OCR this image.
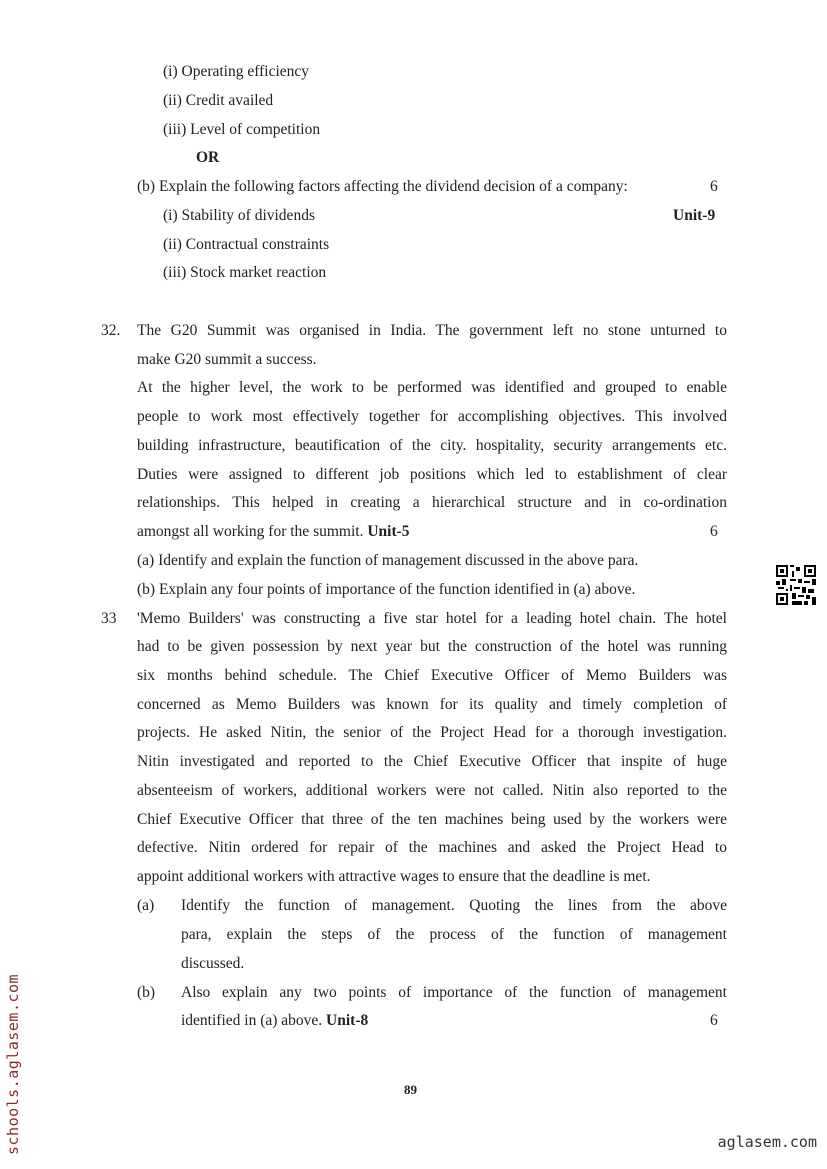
(i) Operating efficiency
(ii) Credit availed
(iii) Level of competition
OR
(b) Explain the following factors affecting the dividend decision of a company:	6
(i) Stability of dividends	Unit-9
(ii) Contractual constraints
(iii) Stock market reaction
32. The G20 Summit was organised in India. The government left no stone unturned to
make G20 summit a success.
At the higher level, the work to be performed was identified and grouped to enable
people to work most effectively together for accomplishing objectives. This involved
building infrastructure, beautification of the city. hospitality, security arrangements etc.
Duties were assigned to different job positions which led to establishment of clear
relationships. This helped in creating a hierarchical structure and in co-ordination
amongst all working for the summit. Unit-5	6
(a) Identify and explain the function of management discussed in the above para.
(b) Explain any four points of importance of the function identified in (a) above.
33 'Memo Builders' was constructing a five star hotel for a leading hotel chain. The hotel
had to be given possession by next year but the construction of the hotel was running
six months behind schedule. The Chief Executive Officer of Memo Builders was
concerned as Memo Builders was known for its quality and timely completion of
projects. He asked Nitin, the senior of the Project Head for a thorough investigation.
Nitin investigated and reported to the Chief Executive Officer that inspite of huge
absenteeism of workers, additional workers were not called. Nitin also reported to the
Chief Executive Officer that three of the ten machines being used by the workers were
defective. Nitin ordered for repair of the machines and asked the Project Head to
appoint additional workers with attractive wages to ensure that the deadline is met.
(a) Identify the function of management. Quoting the lines from the above
para, explain the steps of the process of the function of management
discussed.
(b) Also explain any two points of importance of the function of management
identified in (a) above. Unit-8	6
89
schools.aglasem.com	aglasem.com
